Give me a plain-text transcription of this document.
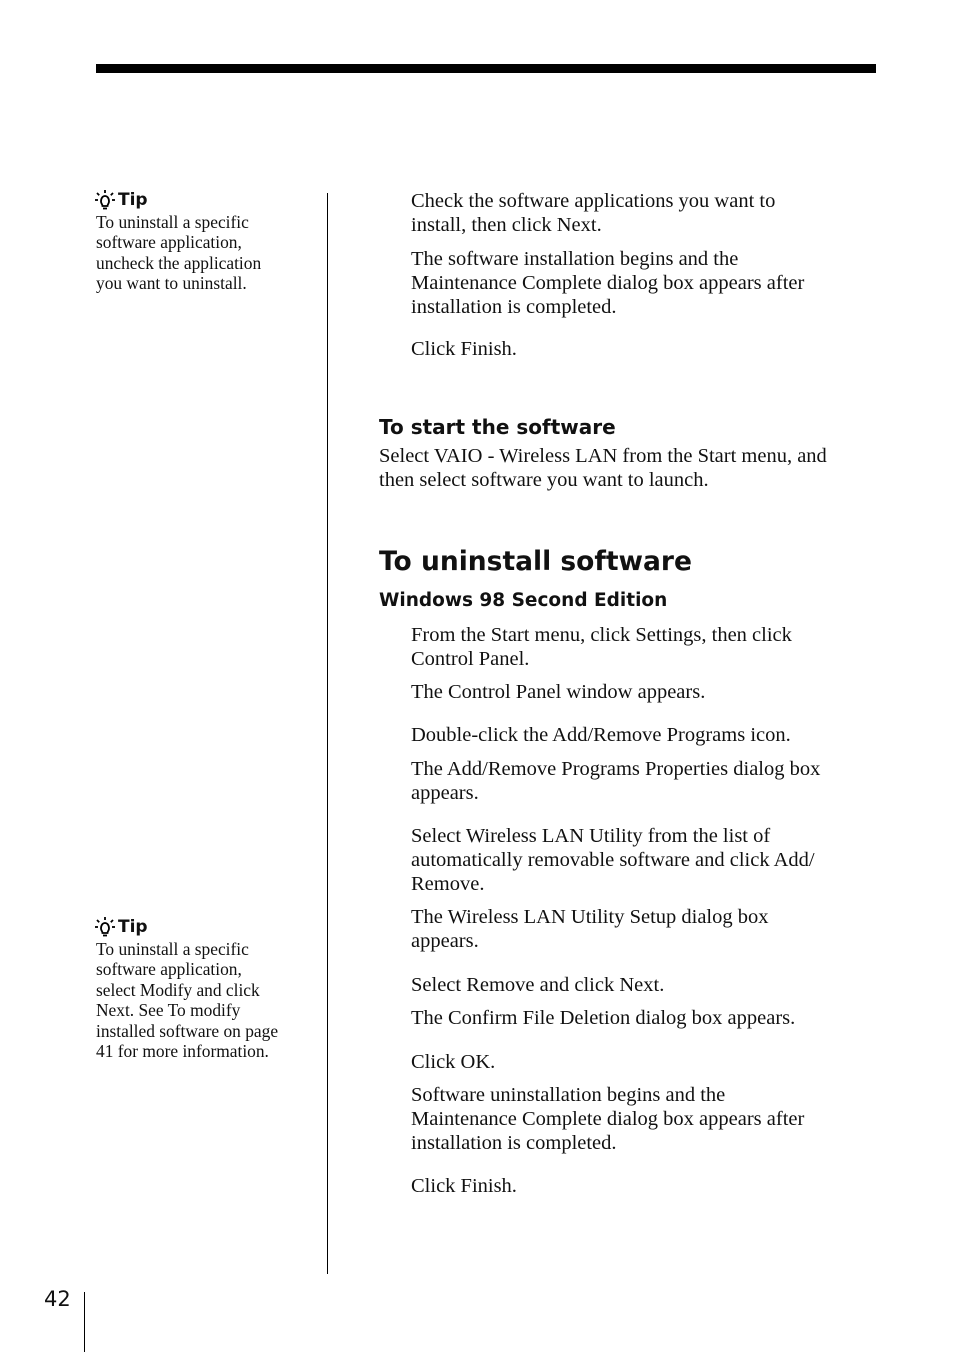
42
Tip
To uninstall a specific
software application,
uncheck the application
you want to uninstall.
Tip
To uninstall a specific
software application,
select Modify and click
Next. See To modify
installed software on page
41 for more information.
Check the software applications you want to
install, then click Next.
The software installation begins and the
Maintenance Complete dialog box appears after
installation is completed.
Click Finish.
To start the software
Select VAIO - Wireless LAN from the Start menu, and
then select software you want to launch.
To uninstall software
Windows 98 Second Edition
From the Start menu, click Settings, then click
Control Panel.
The Control Panel window appears.
Double-click the Add/Remove Programs icon.
The Add/Remove Programs Properties dialog box
appears.
Select Wireless LAN Utility from the list of
automatically removable software and click Add/
Remove.
The Wireless LAN Utility Setup dialog box
appears.
Select Remove and click Next.
The Confirm File Deletion dialog box appears.
Click OK.
Software uninstallation begins and the
Maintenance Complete dialog box appears after
installation is completed.
Click Finish.
